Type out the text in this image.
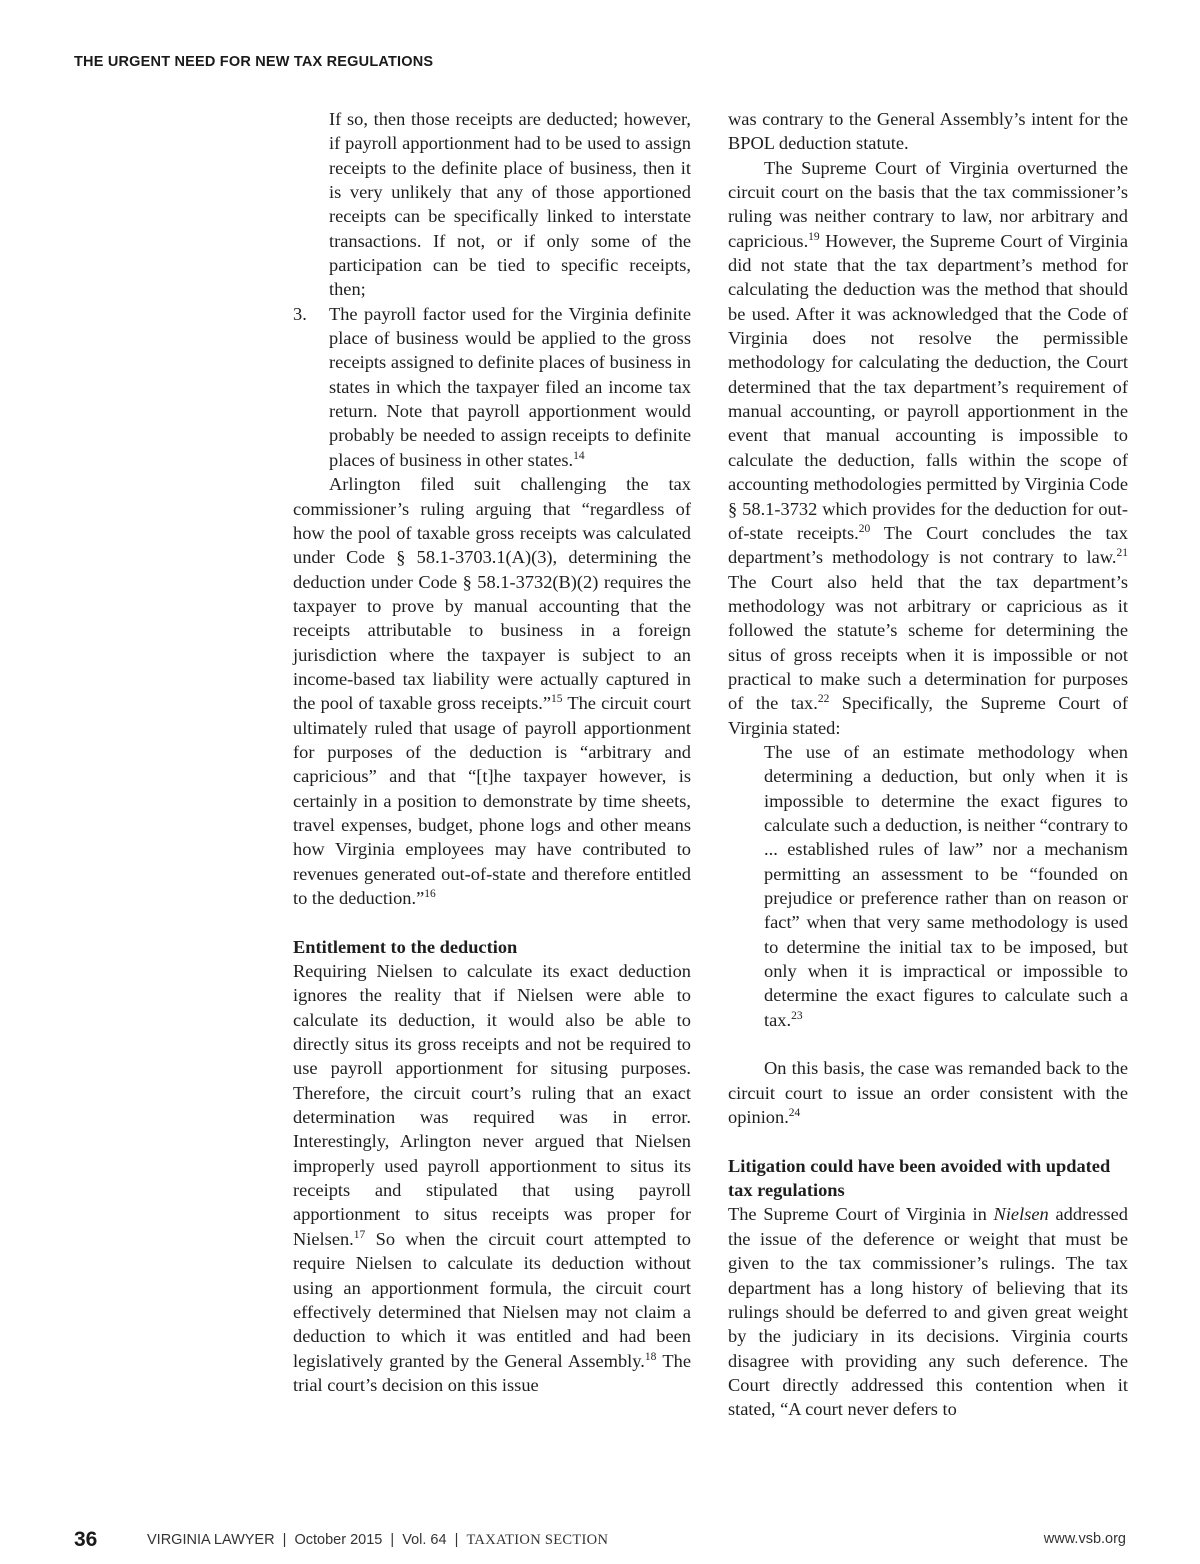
THE URGENT NEED FOR NEW TAX REGULATIONS

If so, then those receipts are deducted; however, if payroll apportionment had to be used to assign receipts to the definite place of business, then it is very unlikely that any of those apportioned receipts can be specifically linked to interstate transactions. If not, or if only some of the participation can be tied to specific receipts, then;

3. The payroll factor used for the Virginia definite place of business would be applied to the gross receipts assigned to definite places of business in states in which the taxpayer filed an income tax return. Note that payroll apportionment would probably be needed to assign receipts to definite places of business in other states.$^{14}$

Arlington filed suit challenging the tax commissioner’s ruling arguing that “regardless of how the pool of taxable gross receipts was calculated under Code § 58.1-3703.1(A)(3), determining the deduction under Code § 58.1-3732(B)(2) requires the taxpayer to prove by manual accounting that the receipts attributable to business in a foreign jurisdiction where the taxpayer is subject to an income-based tax liability were actually captured in the pool of taxable gross receipts.”$^{15}$ The circuit court ultimately ruled that usage of payroll apportionment for purposes of the deduction is “arbitrary and capricious” and that “[t]he taxpayer however, is certainly in a position to demonstrate by time sheets, travel expenses, budget, phone logs and other means how Virginia employees may have contributed to revenues generated out-of-state and therefore entitled to the deduction.”$^{16}$

Entitlement to the deduction

Requiring Nielsen to calculate its exact deduction ignores the reality that if Nielsen were able to calculate its deduction, it would also be able to directly situs its gross receipts and not be required to use payroll apportionment for situsing purposes. Therefore, the circuit court’s ruling that an exact determination was required was in error. Interestingly, Arlington never argued that Nielsen improperly used payroll apportionment to situs its receipts and stipulated that using payroll apportionment to situs receipts was proper for Nielsen.$^{17}$ So when the circuit court attempted to require Nielsen to calculate its deduction without using an apportionment formula, the circuit court effectively determined that Nielsen may not claim a deduction to which it was entitled and had been legislatively granted by the General Assembly.$^{18}$ The trial court’s decision on this issue

was contrary to the General Assembly’s intent for the BPOL deduction statute.

The Supreme Court of Virginia overturned the circuit court on the basis that the tax commissioner’s ruling was neither contrary to law, nor arbitrary and capricious.$^{19}$ However, the Supreme Court of Virginia did not state that the tax department’s method for calculating the deduction was the method that should be used. After it was acknowledged that the Code of Virginia does not resolve the permissible methodology for calculating the deduction, the Court determined that the tax department’s requirement of manual accounting, or payroll apportionment in the event that manual accounting is impossible to calculate the deduction, falls within the scope of accounting methodologies permitted by Virginia Code § 58.1-3732 which provides for the deduction for out-of-state receipts.$^{20}$ The Court concludes the tax department’s methodology is not contrary to law.$^{21}$ The Court also held that the tax department’s methodology was not arbitrary or capricious as it followed the statute’s scheme for determining the situs of gross receipts when it is impossible or not practical to make such a determination for purposes of the tax.$^{22}$ Specifically, the Supreme Court of Virginia stated:

The use of an estimate methodology when determining a deduction, but only when it is impossible to determine the exact figures to calculate such a deduction, is neither “contrary to ... established rules of law” nor a mechanism permitting an assessment to be “founded on prejudice or preference rather than on reason or fact” when that very same methodology is used to determine the initial tax to be imposed, but only when it is impractical or impossible to determine the exact figures to calculate such a tax.$^{23}$

On this basis, the case was remanded back to the circuit court to issue an order consistent with the opinion.$^{24}$

Litigation could have been avoided with updated tax regulations

The Supreme Court of Virginia in Nielsen addressed the issue of the deference or weight that must be given to the tax commissioner’s rulings. The tax department has a long history of believing that its rulings should be deferred to and given great weight by the judiciary in its decisions. Virginia courts disagree with providing any such deference. The Court directly addressed this contention when it stated, “A court never defers to

36	VIRGINIA LAWYER  |  October 2015  |  Vol. 64  |  TAXATION SECTION	www.vsb.org
